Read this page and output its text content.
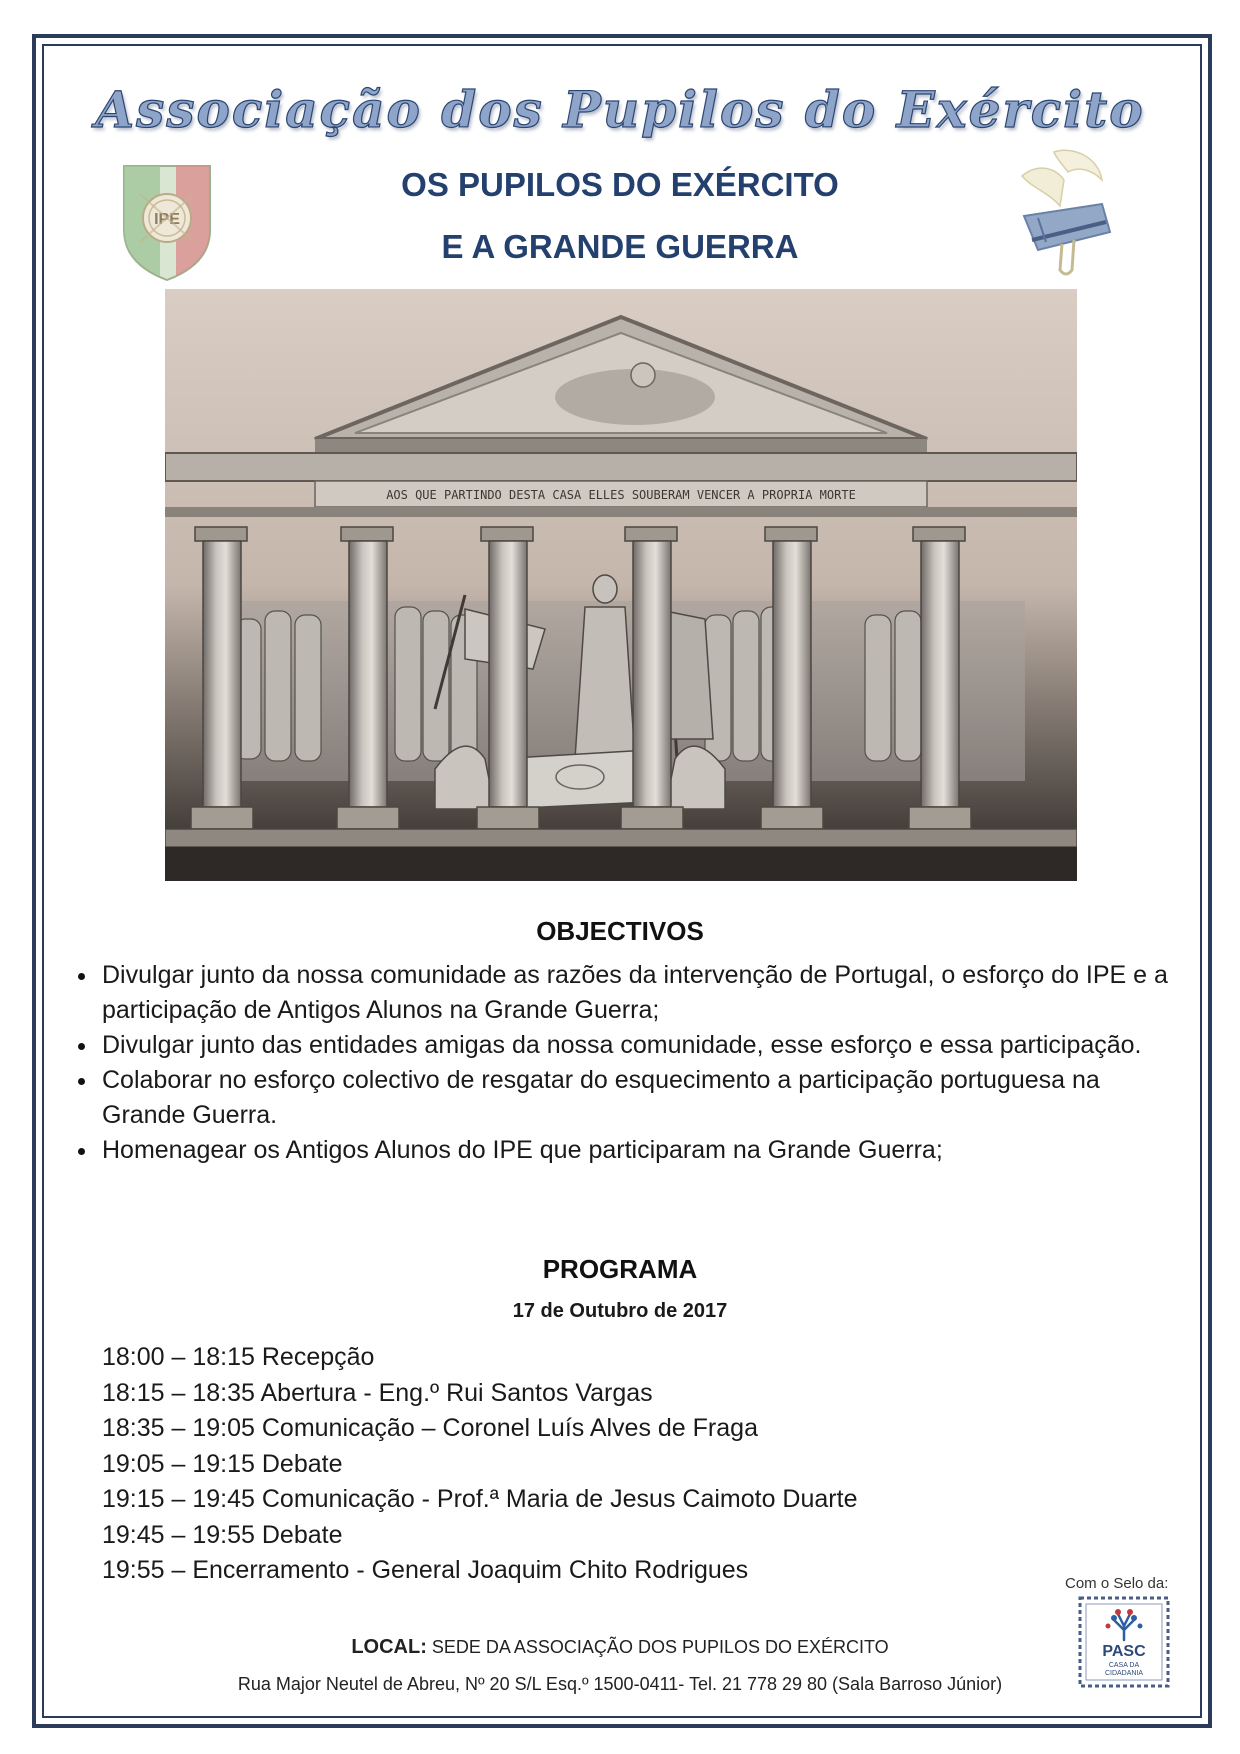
Associação dos Pupilos do Exército
IPE
OS PUPILOS DO EXÉRCITO
E A GRANDE GUERRA
AOS QUE PARTINDO DESTA CASA ELLES SOUBERAM VENCER A PROPRIA MORTE
OBJECTIVOS
Divulgar junto da nossa comunidade as razões da intervenção de Portugal, o esforço do IPE e a participação de Antigos Alunos na Grande Guerra;
Divulgar junto das entidades amigas da nossa comunidade, esse esforço e essa participação.
Colaborar no esforço colectivo de resgatar do esquecimento a participação portuguesa na Grande Guerra.
Homenagear os Antigos Alunos do IPE que participaram na Grande Guerra;
PROGRAMA
17 de Outubro de 2017
18:00 – 18:15 Recepção
18:15 – 18:35 Abertura - Eng.º Rui Santos Vargas
18:35 – 19:05 Comunicação – Coronel Luís Alves de Fraga
19:05 – 19:15 Debate
19:15 – 19:45 Comunicação - Prof.ª Maria de Jesus Caimoto Duarte
19:45 – 19:55 Debate
19:55 – Encerramento - General Joaquim Chito Rodrigues	Com o Selo da:
PASC
CASA DA
CIDADANIA
LOCAL: SEDE DA ASSOCIAÇÃO DOS PUPILOS DO EXÉRCITO
Rua Major Neutel de Abreu, Nº 20 S/L Esq.º 1500-0411- Tel. 21 778 29 80 (Sala Barroso Júnior)
